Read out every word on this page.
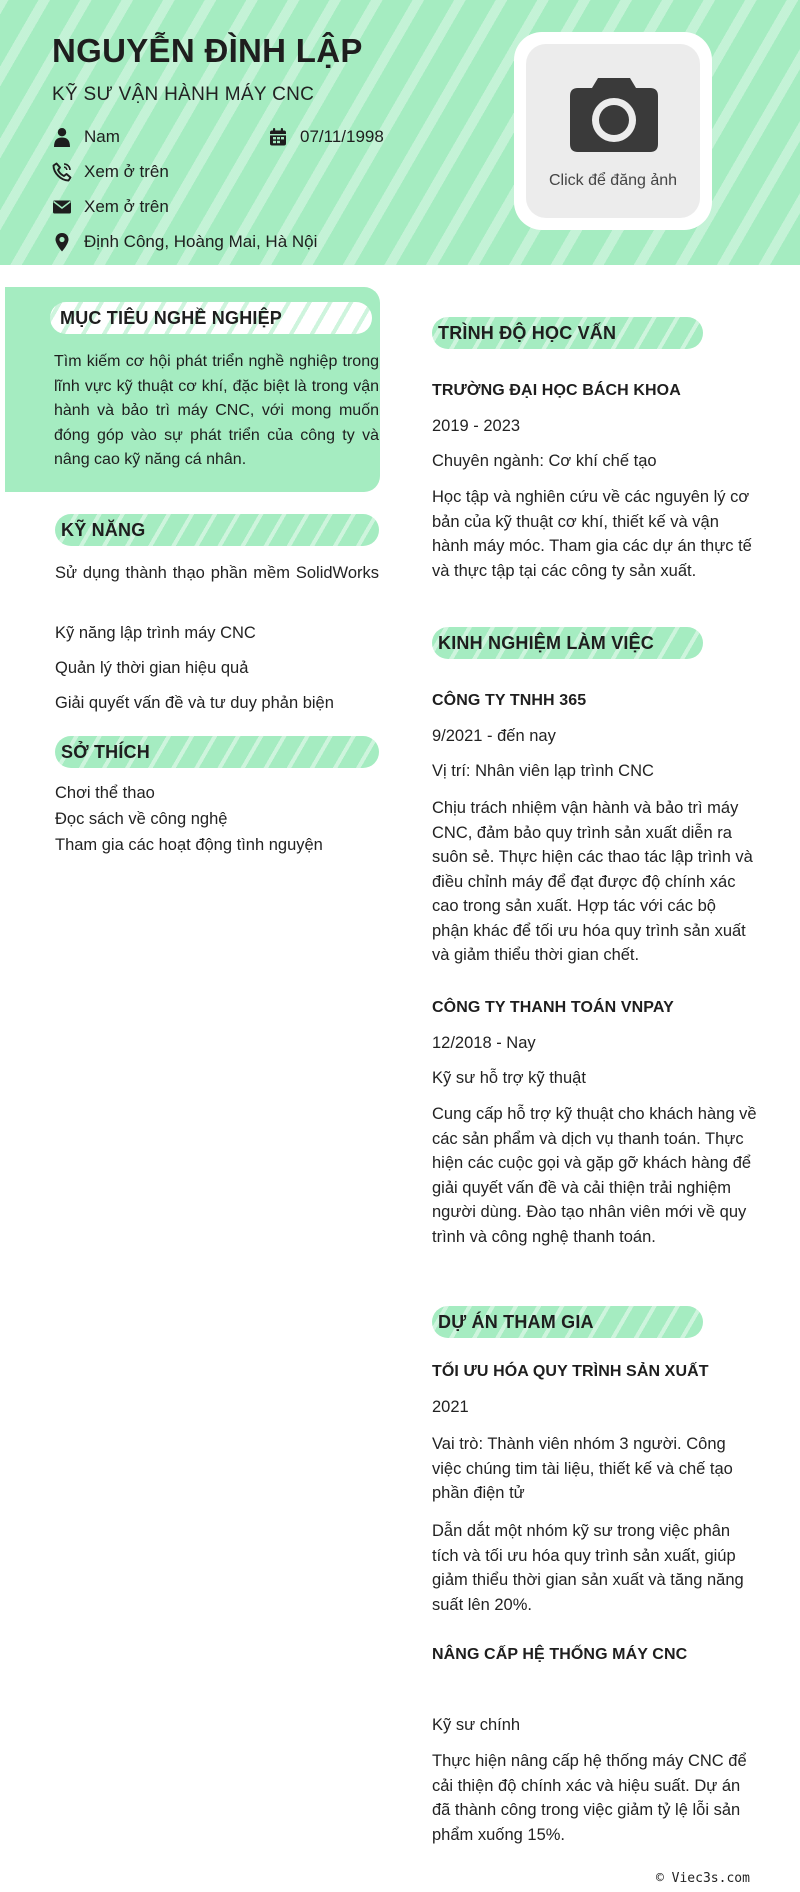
NGUYỄN ĐÌNH LẬP
KỸ SƯ VẬN HÀNH MÁY CNC
Nam	07/11/1998
Xem ở trên
Xem ở trên
Định Công, Hoàng Mai, Hà Nội
Click để đăng ảnh
MỤC TIÊU NGHỀ NGHIỆP
Tìm kiếm cơ hội phát triển nghề nghiệp trong lĩnh vực kỹ thuật cơ khí, đặc biệt là trong vận hành và bảo trì máy CNC, với mong muốn đóng góp vào sự phát triển của công ty và nâng cao kỹ năng cá nhân.
KỸ NĂNG
Sử dụng thành thạo phần mềm SolidWorks
Kỹ năng lập trình máy CNC
Quản lý thời gian hiệu quả
Giải quyết vấn đề và tư duy phản biện
SỞ THÍCH
Chơi thể thao
Đọc sách về công nghệ
Tham gia các hoạt động tình nguyện
TRÌNH ĐỘ HỌC VẤN
TRƯỜNG ĐẠI HỌC BÁCH KHOA
2019 - 2023
Chuyên ngành: Cơ khí chế tạo
Học tập và nghiên cứu về các nguyên lý cơ bản của kỹ thuật cơ khí, thiết kế và vận hành máy móc. Tham gia các dự án thực tế và thực tập tại các công ty sản xuất.
KINH NGHIỆM LÀM VIỆC
CÔNG TY TNHH 365
9/2021 - đến nay
Vị trí: Nhân viên lạp trình CNC
Chịu trách nhiệm vận hành và bảo trì máy CNC, đảm bảo quy trình sản xuất diễn ra suôn sẻ. Thực hiện các thao tác lập trình và điều chỉnh máy để đạt được độ chính xác cao trong sản xuất. Hợp tác với các bộ phận khác để tối ưu hóa quy trình sản xuất và giảm thiểu thời gian chết.
CÔNG TY THANH TOÁN VNPAY
12/2018 - Nay
Kỹ sư hỗ trợ kỹ thuật
Cung cấp hỗ trợ kỹ thuật cho khách hàng về các sản phẩm và dịch vụ thanh toán. Thực hiện các cuộc gọi và gặp gỡ khách hàng để giải quyết vấn đề và cải thiện trải nghiệm người dùng. Đào tạo nhân viên mới về quy trình và công nghệ thanh toán.
DỰ ÁN THAM GIA
TỐI ƯU HÓA QUY TRÌNH SẢN XUẤT
2021
Vai trò: Thành viên nhóm 3 người. Công việc chúng tim tài liệu, thiết kế và chế tạo phần điện tử
Dẫn dắt một nhóm kỹ sư trong việc phân tích và tối ưu hóa quy trình sản xuất, giúp giảm thiểu thời gian sản xuất và tăng năng suất lên 20%.
NÂNG CẤP HỆ THỐNG MÁY CNC
Kỹ sư chính
Thực hiện nâng cấp hệ thống máy CNC để cải thiện độ chính xác và hiệu suất. Dự án đã thành công trong việc giảm tỷ lệ lỗi sản phẩm xuống 15%.
© Viec3s.com
